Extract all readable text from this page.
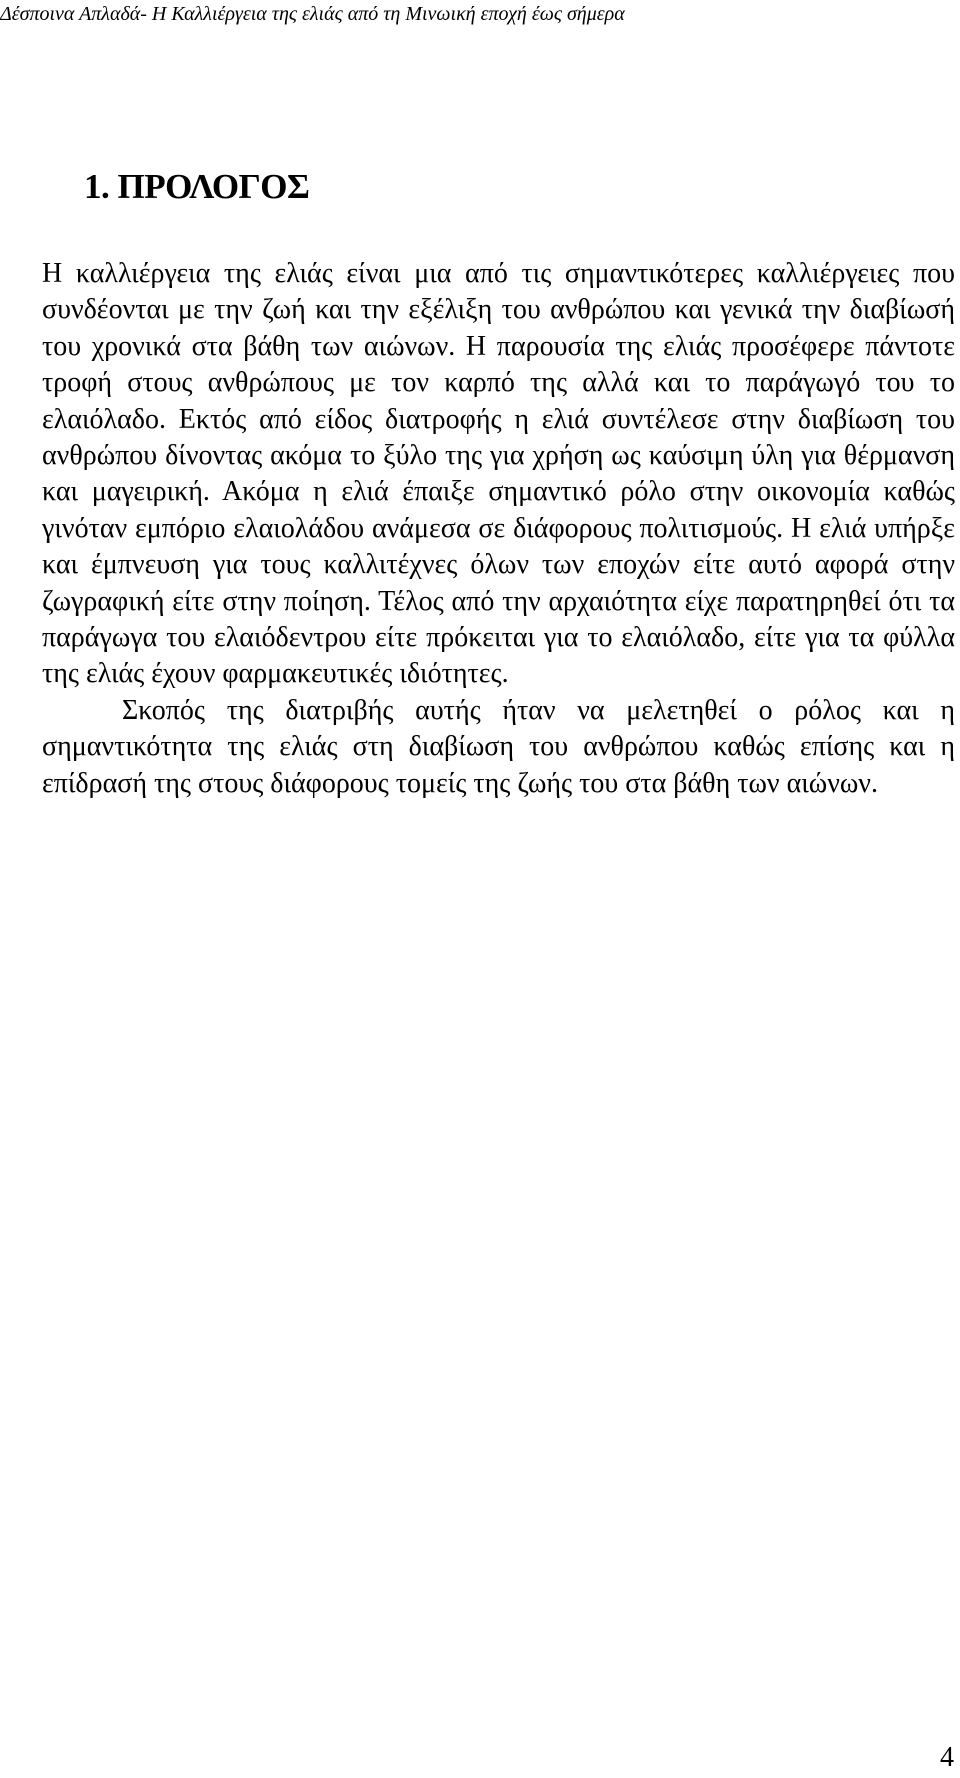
Δέσποινα Απλαδά- Η Καλλιέργεια της ελιάς από τη Μινωική εποχή έως σήμερα
1. ΠΡΟΛΟΓΟΣ

Η καλλιέργεια της ελιάς είναι μια από τις σημαντικότερες καλλιέργειες που συνδέονται με την ζωή και την εξέλιξη του ανθρώπου και γενικά την διαβίωσή του χρονικά στα βάθη των αιώνων. Η παρουσία της ελιάς προσέφερε πάντοτε τροφή στους ανθρώπους με τον καρπό της αλλά και το παράγωγό του το ελαιόλαδο. Εκτός από είδος διατροφής η ελιά συντέλεσε στην διαβίωση του ανθρώπου δίνοντας ακόμα το ξύλο της για χρήση ως καύσιμη ύλη για θέρμανση και μαγειρική. Ακόμα η ελιά έπαιξε σημαντικό ρόλο στην οικονομία καθώς γινόταν εμπόριο ελαιολάδου ανάμεσα σε διάφορους πολιτισμούς. Η ελιά υπήρξε και έμπνευση για τους καλλιτέχνες όλων των εποχών είτε αυτό αφορά στην ζωγραφική είτε στην ποίηση. Τέλος από την αρχαιότητα είχε παρατηρηθεί ότι τα παράγωγα του ελαιόδεντρου είτε πρόκειται για το ελαιόλαδο, είτε για τα φύλλα της ελιάς έχουν φαρμακευτικές ιδιότητες.

Σκοπός της διατριβής αυτής ήταν να μελετηθεί ο ρόλος και η σημαντικότητα της ελιάς στη διαβίωση του ανθρώπου καθώς επίσης και η επίδρασή της στους διάφορους τομείς της ζωής του στα βάθη των αιώνων.

4
